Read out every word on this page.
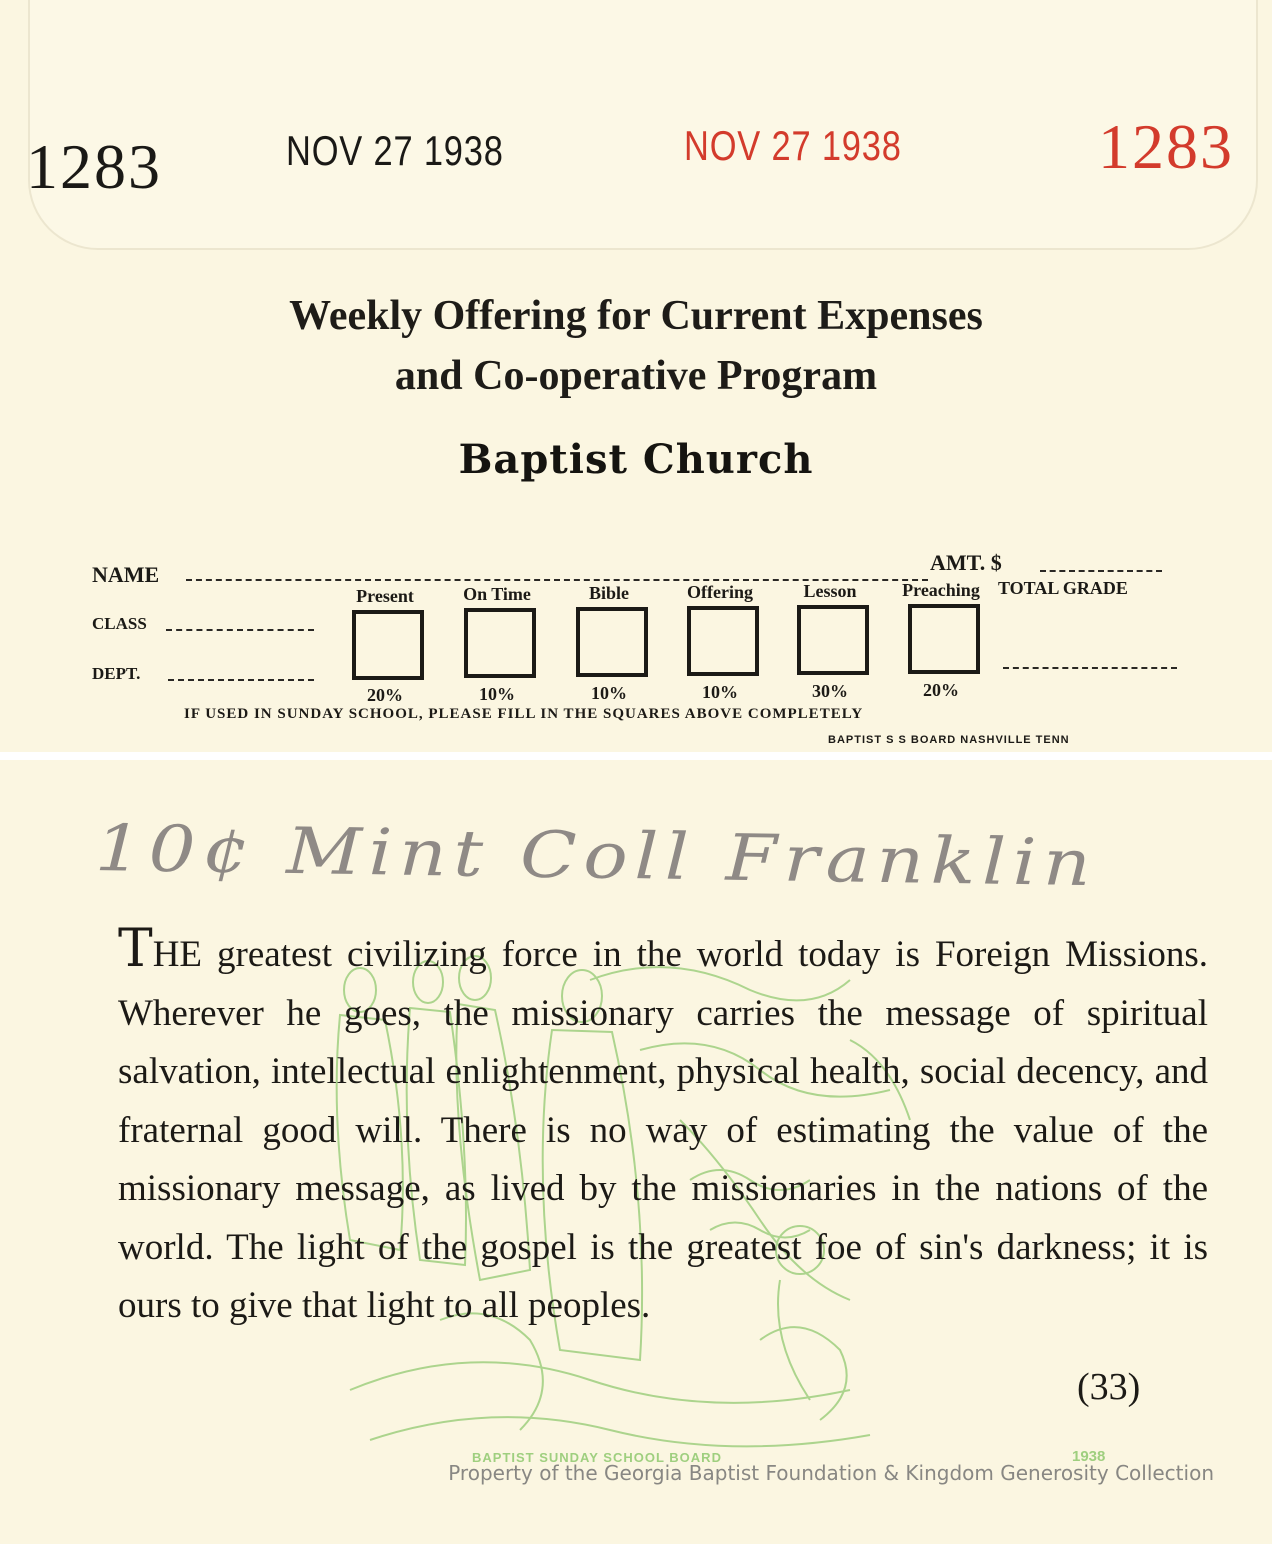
1283	NOV 27 1938	NOV 27 1938	1283
Weekly Offering for Current Expenses
and Co-operative Program
Baptist Church
NAME	AMT. $
CLASS
DEPT.
Present	On Time	Bible	Offering	Lesson	Preaching	TOTAL GRADE
20%	10%	10%	10%	30%	20%
IF USED IN SUNDAY SCHOOL, PLEASE FILL IN THE SQUARES ABOVE COMPLETELY
BAPTIST S S BOARD NASHVILLE TENN
10¢ Mint Coll Franklin

THE greatest civilizing force in the world today is Foreign Missions. Wherever he goes, the missionary carries the message of spiritual salvation, intellectual enlightenment, physical health, social decency, and fraternal good will. There is no way of estimating the value of the missionary message, as lived by the missionaries in the nations of the world. The light of the gospel is the greatest foe of sin's darkness; it is ours to give that light to all peoples.

(33)
BAPTIST SUNDAY SCHOOL BOARD	1938
Property of the Georgia Baptist Foundation & Kingdom Generosity Collection
